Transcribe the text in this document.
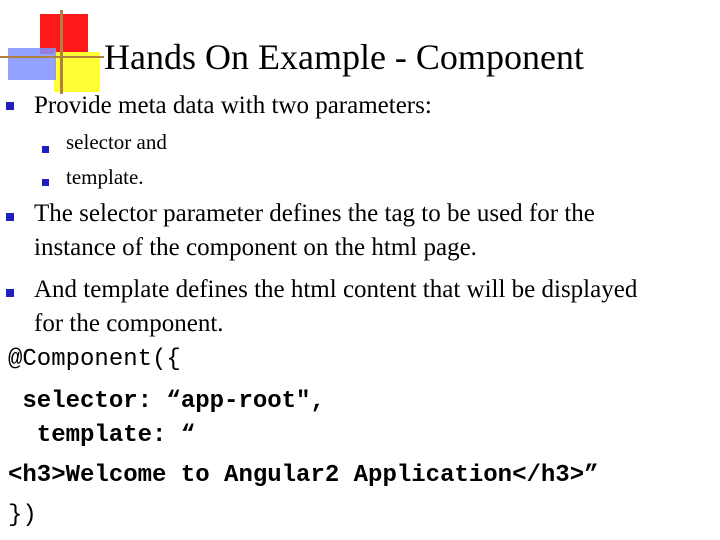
Hands On Example - Component
Provide meta data with two parameters:
selector and
template.
The selector parameter defines the tag to be used for the
instance of the component on the html page.
And template defines the html content that will be displayed
for the component.
@Component({
selector: “app-root",
template: “
<h3>Welcome to Angular2 Application</h3>”
})
